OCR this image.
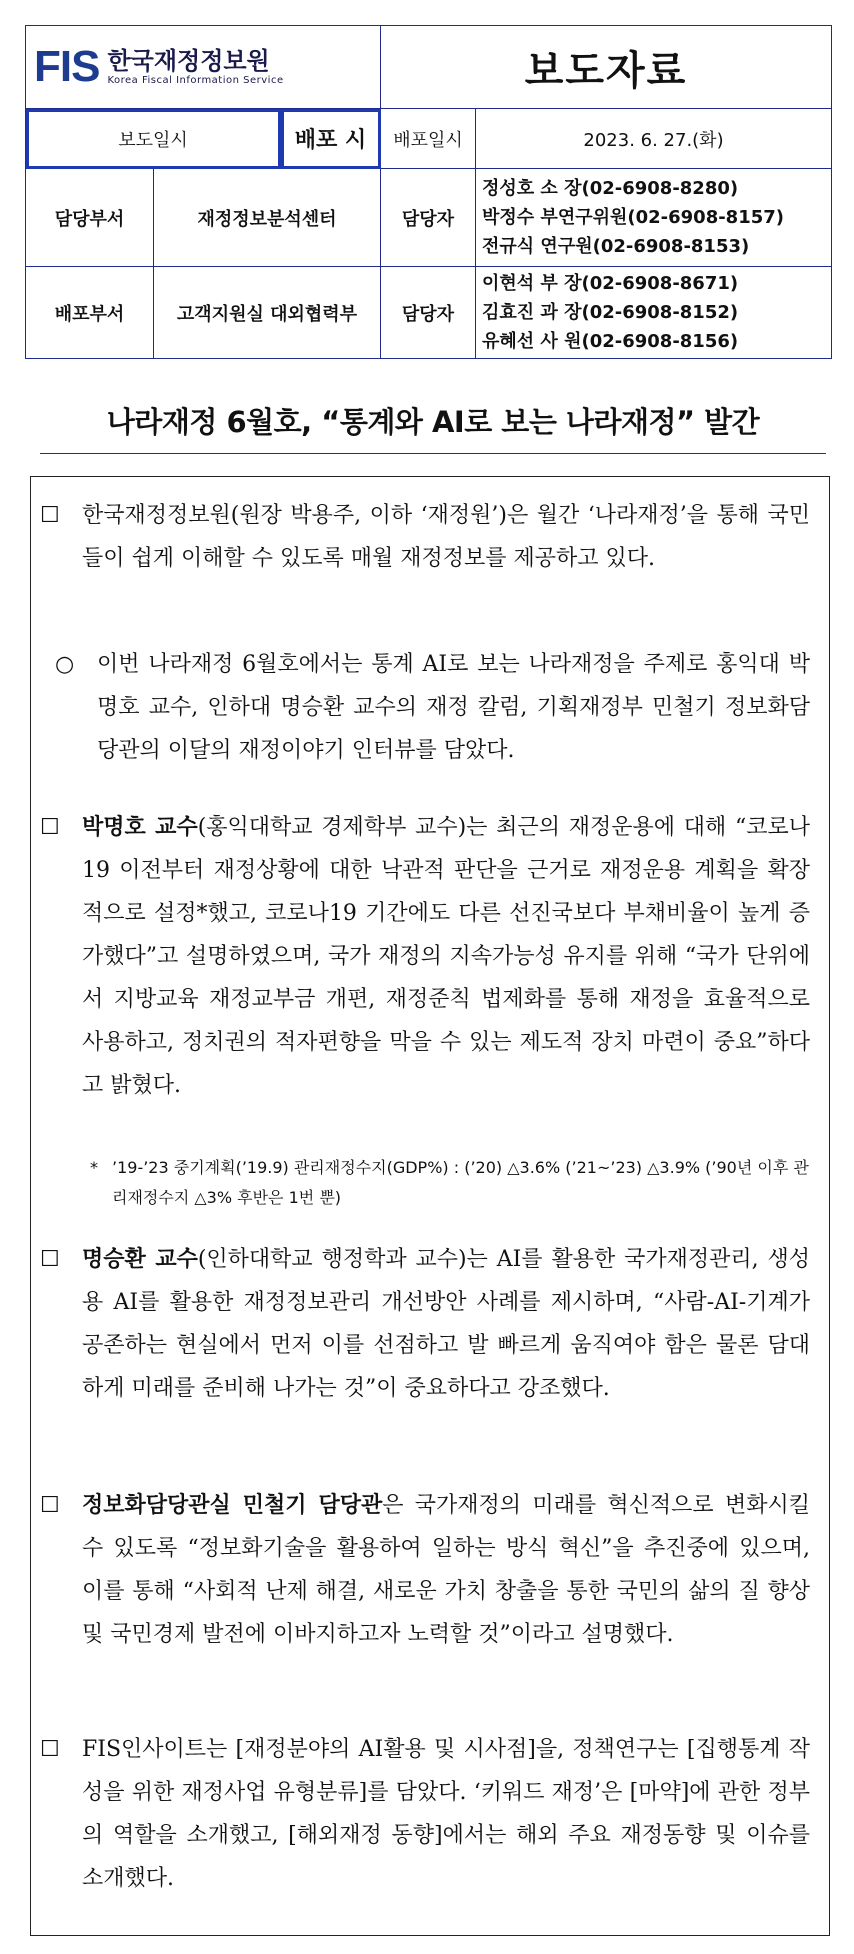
FIS 한국재정정보원
Korea Fiscal Information Service			보도자료	
보도일시		배포 시	배포일시	2023. 6. 27.(화)
담당부서	재정정보분석센터		담당자	정성호 소 장(02-6908-8280)
박정수 부연구위원(02-6908-8157)
전규식 연구원(02-6908-8153)

배포부서	고객지원실 대외협력부		담당자	이현석 부 장(02-6908-8671)
김효진 과 장(02-6908-8152)
유혜선 사 원(02-6908-8156)
나라재정 6월호, “통계와 AI로 보는 나라재정” 발간
☐ 한국재정정보원(원장 박용주, 이하 ‘재정원’)은 월간 ‘나라재정’을 통해 국민들이 쉽게 이해할 수 있도록 매월 재정정보를 제공하고 있다.
○ 이번 나라재정 6월호에서는 통계 AI로 보는 나라재정을 주제로 홍익대 박명호 교수, 인하대 명승환 교수의 재정 칼럼, 기획재정부 민철기 정보화담당관의 이달의 재정이야기 인터뷰를 담았다.
☐ 박명호 교수(홍익대학교 경제학부 교수)는 최근의 재정운용에 대해 “코로나19 이전부터 재정상황에 대한 낙관적 판단을 근거로 재정운용 계획을 확장적으로 설정*했고, 코로나19 기간에도 다른 선진국보다 부채비율이 높게 증가했다”고 설명하였으며, 국가 재정의 지속가능성 유지를 위해 “국가 단위에서 지방교육 재정교부금 개편, 재정준칙 법제화를 통해 재정을 효율적으로 사용하고, 정치권의 적자편향을 막을 수 있는 제도적 장치 마련이 중요”하다고 밝혔다.
* ’19-’23 중기계획(’19.9) 관리재정수지(GDP%) : (’20) △3.6% (’21~’23) △3.9% (’90년 이후 관리재정수지 △3% 후반은 1번 뿐)
☐ 명승환 교수(인하대학교 행정학과 교수)는 AI를 활용한 국가재정관리, 생성용 AI를 활용한 재정정보관리 개선방안 사례를 제시하며, “사람-AI-기계가 공존하는 현실에서 먼저 이를 선점하고 발 빠르게 움직여야 함은 물론 담대하게 미래를 준비해 나가는 것”이 중요하다고 강조했다.
☐ 정보화담당관실 민철기 담당관은 국가재정의 미래를 혁신적으로 변화시킬 수 있도록 “정보화기술을 활용하여 일하는 방식 혁신”을 추진중에 있으며, 이를 통해 “사회적 난제 해결, 새로운 가치 창출을 통한 국민의 삶의 질 향상 및 국민경제 발전에 이바지하고자 노력할 것”이라고 설명했다.
☐ FIS인사이트는 [재정분야의 AI활용 및 시사점]을, 정책연구는 [집행통계 작성을 위한 재정사업 유형분류]를 담았다. ‘키워드 재정’은 [마약]에 관한 정부의 역할을 소개했고, [해외재정 동향]에서는 해외 주요 재정동향 및 이슈를 소개했다.
